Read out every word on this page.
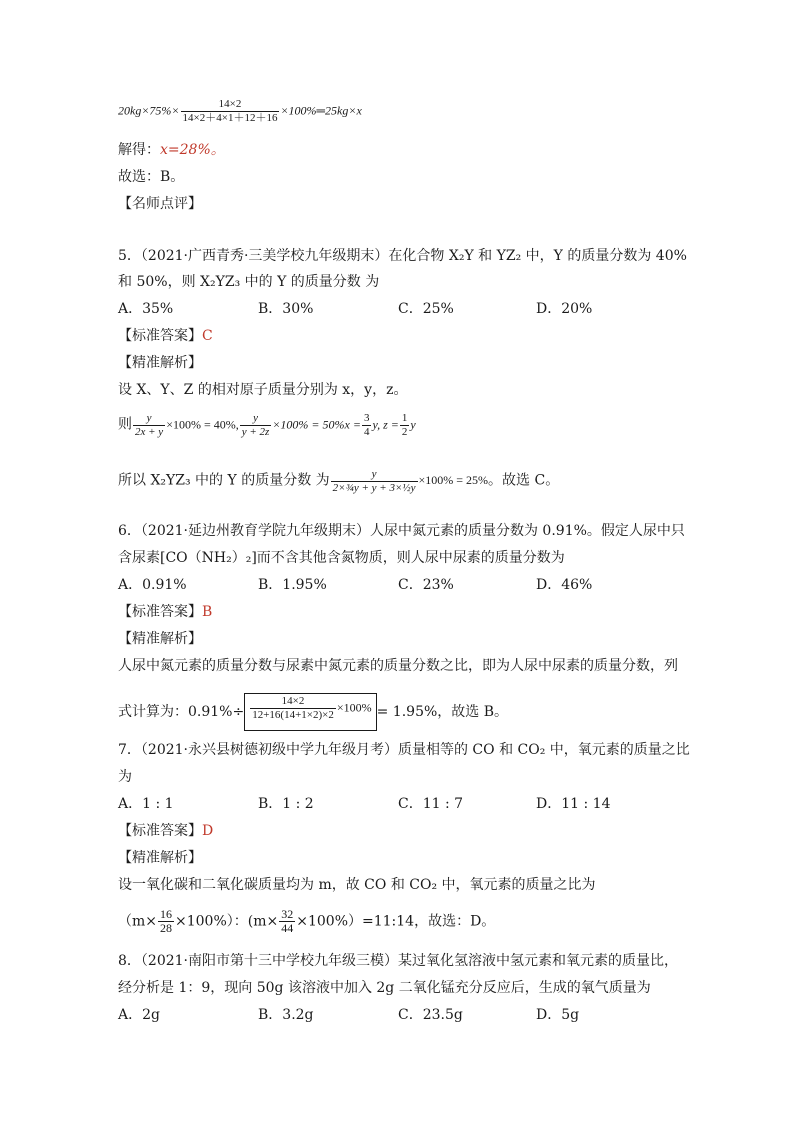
$20kg\times 75\%\times \frac{14\times 2}{14\times 2+4\times 1+12+16}$ ×100%═25kg×x
解得：x=28%。
故选：B。
【名师点评】
5．（2021·广西青秀·三美学校九年级期末）在化合物 X₂Y 和 YZ₂ 中，Y 的质量分数为 40%
和 50%，则 X₂YZ₃ 中的 Y 的质量分数 为
A．35%	B．30%	C．25%	D．20%
【标准答案】C
【精准解析】
设 X、Y、Z 的相对原子质量分别为 x，y，z。
则 $\frac{y}{2x + y} \times 100\% = 40\%$, $\frac{y}{y + 2z} \times 100\% = 50\%x = \frac{3}{4} y$, $z = \frac{1}{2}$ y
所以 X₂YZ₃ 中的 Y 的质量分数 为 $\frac{y}{\text{2×¾y + y + 3×½y}} \times 100\% = 25\%$。故选 C。
6．（2021·延边州教育学院九年级期末）人尿中氮元素的质量分数为 0.91%。假定人尿中只
含尿素[CO（NH₂）₂]而不含其他含氮物质，则人尿中尿素的质量分数为
A．0.91%	B．1.95%	C．23%	D．46%
【标准答案】B
【精准解析】
人尿中氮元素的质量分数与尿素中氮元素的质量分数之比，即为人尿中尿素的质量分数，列
式计算为：$0.91\%\div \frac{14\times 2}{12+16(14+1\times 2)\times 2} \times 100\% = 1.95\%$，故选 B。
7．（2021·永兴县树德初级中学九年级月考）质量相等的 CO 和 CO₂ 中，氧元素的质量之比
为
A．1 : 1	B．1 : 2	C．11 : 7	D．11 : 14
【标准答案】D
【精准解析】
设一氧化碳和二氧化碳质量均为 m，故 CO 和 CO₂ 中，氧元素的质量之比为
$(m\times \frac{16}{28} \times 100\%)$：($m\times \frac{32}{44}$ ×100%）=11:14，故选：D。
8．（2021·南阳市第十三中学校九年级三模）某过氧化氢溶液中氢元素和氧元素的质量比，
经分析是 1：9，现向 50g 该溶液中加入 2g 二氧化锰充分反应后，生成的氧气质量为
A．2g	B．3.2g	C．23.5g	D．5g
